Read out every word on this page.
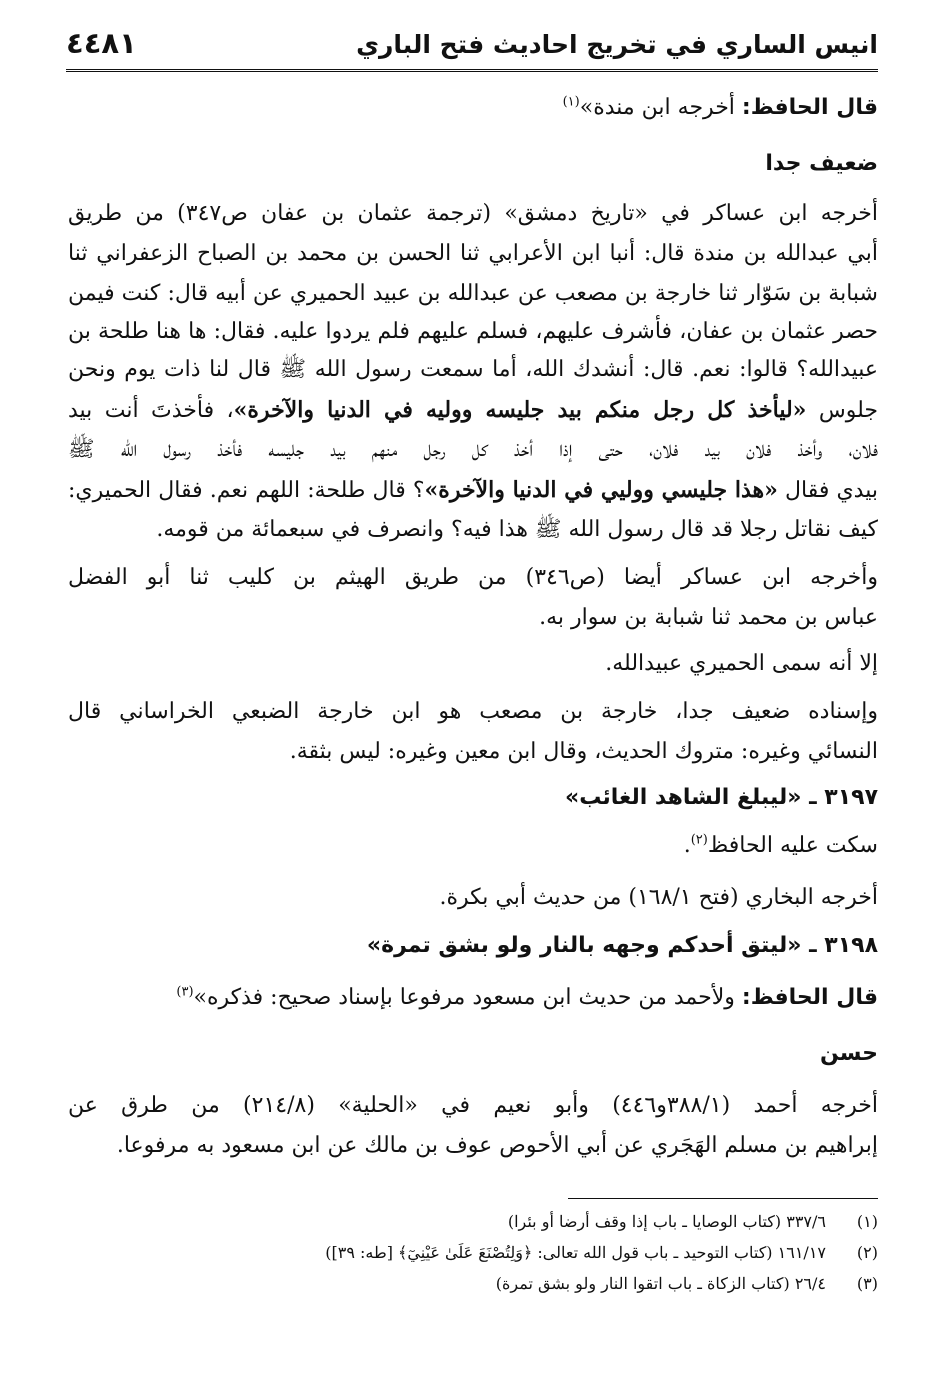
انيس الساري في تخريج احاديث فتح الباري
٤٤٨١
قال الحافظ: أخرجه ابن مندة»$^{(١)}$
ضعيف جدا
أخرجه ابن عساكر في «تاريخ دمشق» (ترجمة عثمان بن عفان ص٣٤٧) من طريق
أبي عبدالله بن مندة قال: أنبا ابن الأعرابي ثنا الحسن بن محمد بن الصباح الزعفراني ثنا
شبابة بن سَوّار ثنا خارجة بن مصعب عن عبدالله بن عبيد الحميري عن أبيه قال: كنت فيمن
حصر عثمان بن عفان، فأشرف عليهم، فسلم عليهم فلم يردوا عليه. فقال: ها هنا طلحة بن
عبيدالله؟ قالوا: نعم. قال: أنشدك الله، أما سمعت رسول الله ﷺ قال لنا ذات يوم ونحن
جلوس «ليأخذ كل رجل منكم بيد جليسه ووليه في الدنيا والآخرة»، فأخذتَ أنت بيد
فلان، وأخذ فلان بيد فلان، حتى إذا أخذ كل رجل منهم بيد جليسه فأخذ رسول الله ﷺ
بيدي فقال «هذا جليسي ووليي في الدنيا والآخرة»؟ قال طلحة: اللهم نعم. فقال الحميري:
كيف نقاتل رجلا قد قال رسول الله ﷺ هذا فيه؟ وانصرف في سبعمائة من قومه.
وأخرجه ابن عساكر أيضا (ص٣٤٦) من طريق الهيثم بن كليب ثنا أبو الفضل
عباس بن محمد ثنا شبابة بن سوار به.
إلا أنه سمى الحميري عبيدالله.
وإسناده ضعيف جدا، خارجة بن مصعب هو ابن خارجة الضبعي الخراساني قال
النسائي وغيره: متروك الحديث، وقال ابن معين وغيره: ليس بثقة.
٣١٩٧ ـ «ليبلغ الشاهد الغائب»
سكت عليه الحافظ$^{(٢)}$.
أخرجه البخاري (فتح ١٦٨/١) من حديث أبي بكرة.
٣١٩٨ ـ «ليتق أحدكم وجهه بالنار ولو بشق تمرة»
قال الحافظ: ولأحمد من حديث ابن مسعود مرفوعا بإسناد صحيح: فذكره»$^{(٣)}$
حسن
أخرجه أحمد (٣٨٨/١و٤٤٦) وأبو نعيم في «الحلية» (٢١٤/٨) من طرق عن
إبراهيم بن مسلم الهَجَري عن أبي الأحوص عوف بن مالك عن ابن مسعود به مرفوعا.
(١)٣٣٧/٦ (كتاب الوصايا ـ باب إذا وقف أرضا أو بئرا)
(٢)١٦١/١٧ (كتاب التوحيد ـ باب قول الله تعالى: ﴿وَلِتُصْنَعَ عَلَىٰ عَيْنِيٓ﴾ [طه: ٣٩])
(٣)٢٦/٤ (كتاب الزكاة ـ باب اتقوا النار ولو بشق تمرة)
